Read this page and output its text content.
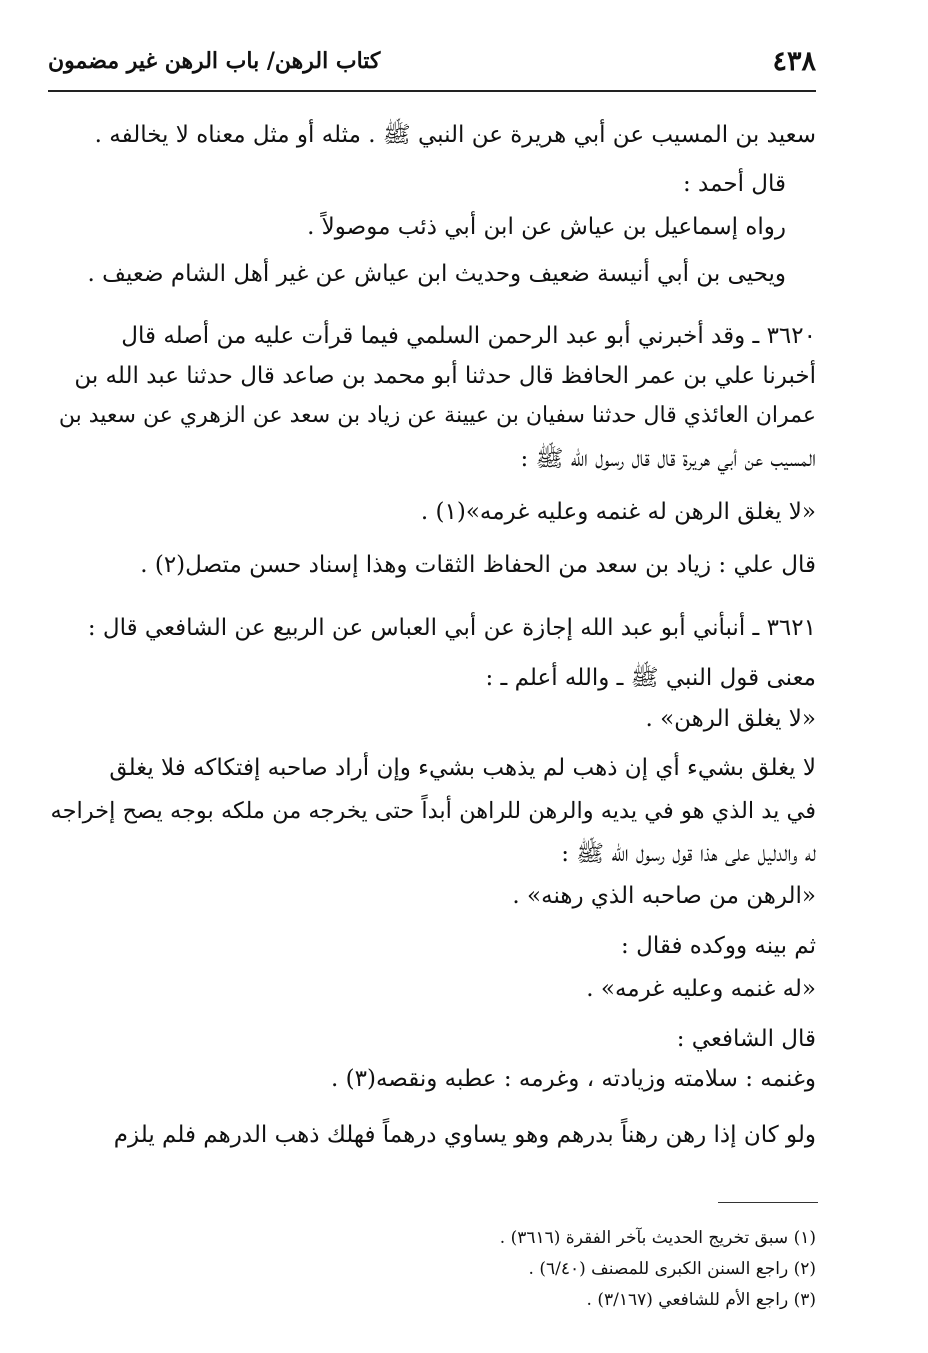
٤٣٨
كتاب الرهن/ باب الرهن غير مضمون
سعيد بن المسيب عن أبي هريرة عن النبي ﷺ . مثله أو مثل معناه لا يخالفه .
قال أحمد :
رواه إسماعيل بن عياش عن ابن أبي ذئب موصولاً .
ويحيى بن أبي أنيسة ضعيف وحديث ابن عياش عن غير أهل الشام ضعيف .
٣٦٢٠ ـ وقد أخبرني أبو عبد الرحمن السلمي فيما قرأت عليه من أصله قال
أخبرنا علي بن عمر الحافظ قال حدثنا أبو محمد بن صاعد قال حدثنا عبد الله بن
عمران العائذي قال حدثنا سفيان بن عيينة عن زياد بن سعد عن الزهري عن سعيد بن
المسيب عن أبي هريرة قال قال رسول الله ﷺ :
«لا يغلق الرهن له غنمه وعليه غرمه»(١) .
قال علي : زياد بن سعد من الحفاظ الثقات وهذا إسناد حسن متصل(٢) .
٣٦٢١ ـ أنبأني أبو عبد الله إجازة عن أبي العباس عن الربيع عن الشافعي قال :
معنى قول النبي ﷺ ـ والله أعلم ـ :
«لا يغلق الرهن» .
لا يغلق بشيء أي إن ذهب لم يذهب بشيء وإن أراد صاحبه إفتكاكه فلا يغلق
في يد الذي هو في يديه والرهن للراهن أبداً حتى يخرجه من ملكه بوجه يصح إخراجه
له والدليل على هذا قول رسول الله ﷺ :
«الرهن من صاحبه الذي رهنه» .
ثم بينه ووكده فقال :
«له غنمه وعليه غرمه» .
قال الشافعي :
وغنمه : سلامته وزيادته ، وغرمه : عطبه ونقصه(٣) .
ولو كان إذا رهن رهناً بدرهم وهو يساوي درهماً فهلك ذهب الدرهم فلم يلزم
(١) سبق تخريج الحديث بآخر الفقرة (٣٦١٦) .
(٢) راجع السنن الكبرى للمصنف (٦/٤٠) .
(٣) راجع الأم للشافعي (٣/١٦٧) .
